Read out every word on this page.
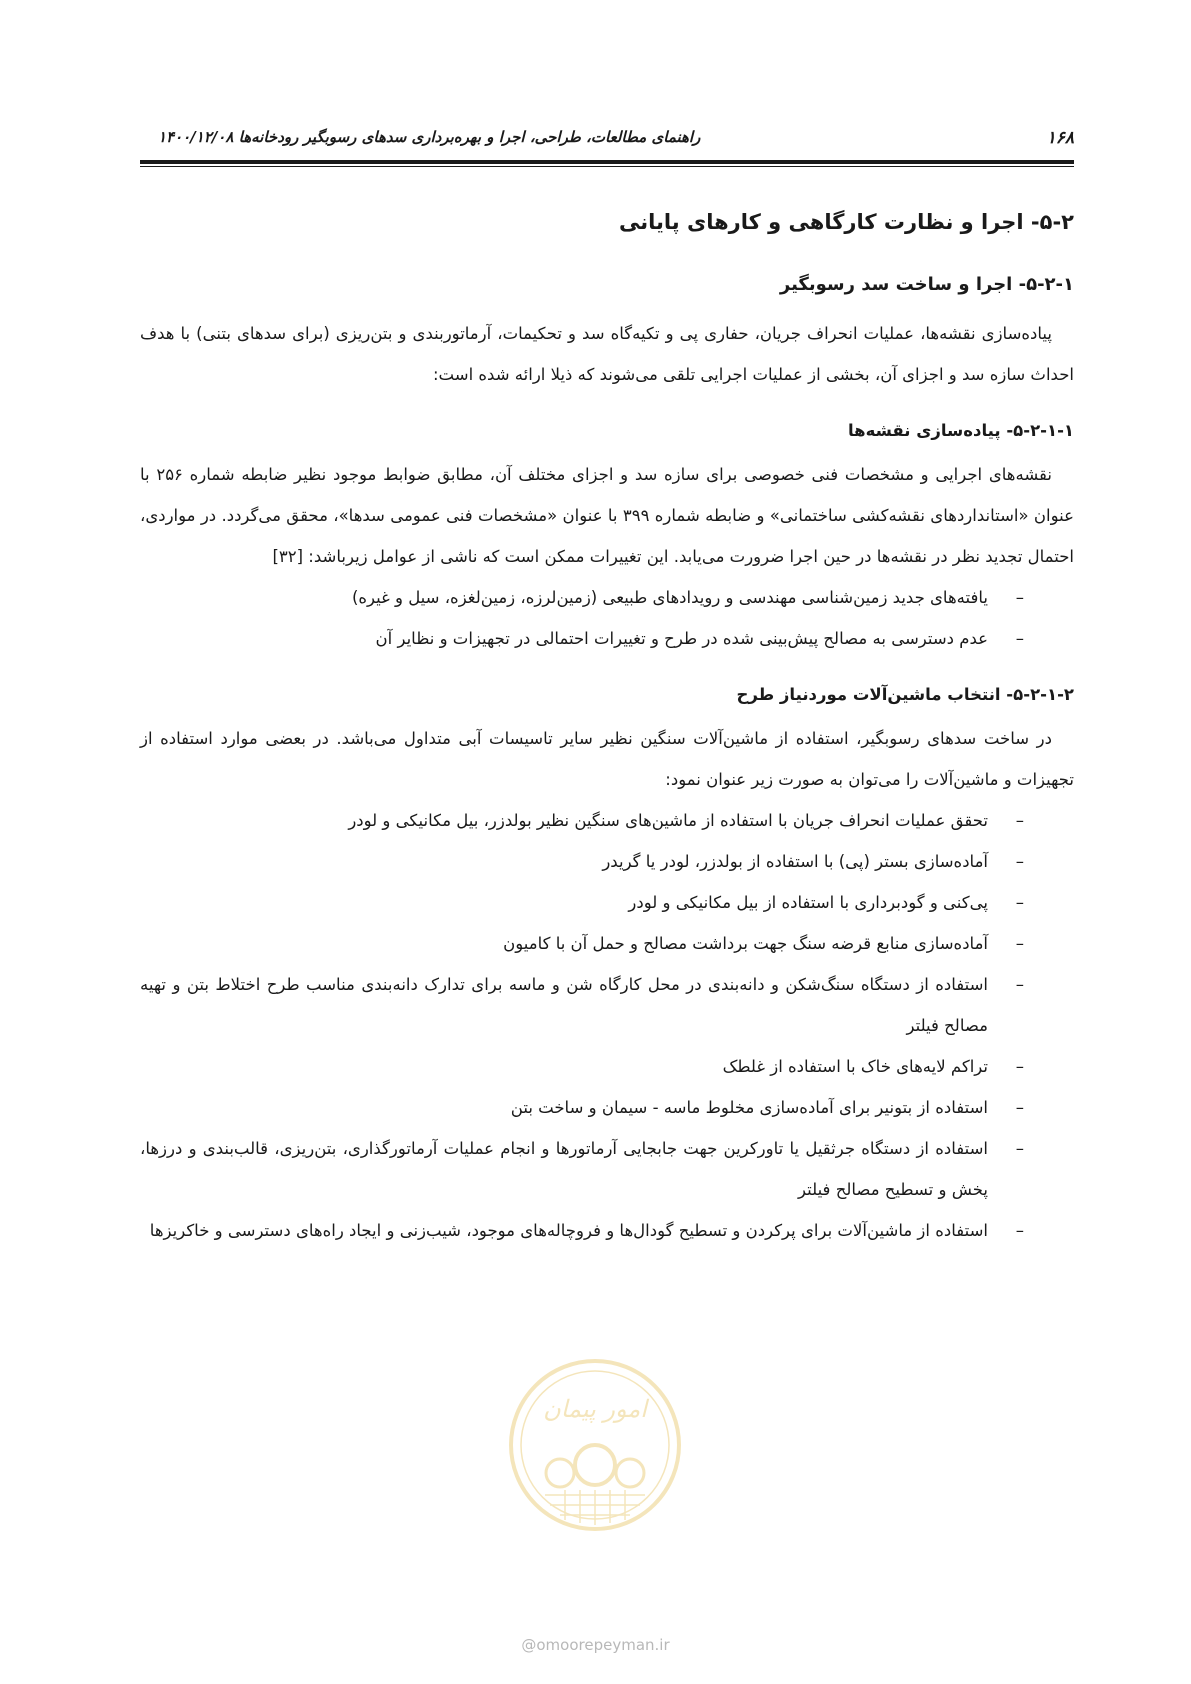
۱۶۸
راهنمای مطالعات، طراحی، اجرا و بهره‌برداری سدهای رسوبگیر رودخانه‌ها ۱۴۰۰/۱۲/۰۸
۵-۲- اجرا و نظارت کارگاهی و کارهای پایانی
۵-۲-۱- اجرا و ساخت سد رسوبگیر

پیاده‌سازی نقشه‌ها، عملیات انحراف جریان، حفاری پی و تکیه‌گاه سد و تحکیمات، آرماتوربندی و بتن‌ریزی (برای سدهای بتنی) با هدف احداث سازه سد و اجزای آن، بخشی از عملیات اجرایی تلقی می‌شوند که ذیلا ارائه شده است:

۵-۲-۱-۱- پیاده‌سازی نقشه‌ها

نقشه‌های اجرایی و مشخصات فنی خصوصی برای سازه سد و اجزای مختلف آن، مطابق ضوابط موجود نظیر ضابطه شماره ۲۵۶ با عنوان «استانداردهای نقشه‌کشی ساختمانی» و ضابطه شماره ۳۹۹ با عنوان «مشخصات فنی عمومی سدها»، محقق می‌گردد. در مواردی، احتمال تجدید نظر در نقشه‌ها در حین اجرا ضرورت می‌یابد. این تغییرات ممکن است که ناشی از عوامل زیرباشد: [۳۲]

–
یافته‌های جدید زمین‌شناسی مهندسی و رویدادهای طبیعی (زمین‌لرزه، زمین‌لغزه، سیل و غیره)
–
عدم دسترسی به مصالح پیش‌بینی شده در طرح و تغییرات احتمالی در تجهیزات و نظایر آن
۵-۲-۱-۲- انتخاب ماشین‌آلات موردنیاز طرح

در ساخت سدهای رسوبگیر، استفاده از ماشین‌آلات سنگین نظیر سایر تاسیسات آبی متداول می‌باشد. در بعضی موارد استفاده از تجهیزات و ماشین‌آلات را می‌توان به صورت زیر عنوان نمود:

–
تحقق عملیات انحراف جریان با استفاده از ماشین‌های سنگین نظیر بولدزر، بیل مکانیکی و لودر
–
آماده‌سازی بستر (پی) با استفاده از بولدزر، لودر یا گریدر
–
پی‌کنی و گودبرداری با استفاده از بیل مکانیکی و لودر
–
آماده‌سازی منابع قرضه سنگ جهت برداشت مصالح و حمل آن با کامیون
–
استفاده از دستگاه سنگ‌شکن و دانه‌بندی در محل کارگاه شن و ماسه برای تدارک دانه‌بندی مناسب طرح اختلاط بتن و تهیه مصالح فیلتر
–
تراکم لایه‌های خاک با استفاده از غلطک
–
استفاده از بتونیر برای آماده‌سازی مخلوط ماسه - سیمان و ساخت بتن
–
استفاده از دستگاه جرثقیل یا تاورکرین جهت جابجایی آرماتورها و انجام عملیات آرماتورگذاری، بتن‌ریزی، قالب‌بندی و درزها، پخش و تسطیح مصالح فیلتر
–
استفاده از ماشین‌آلات برای پرکردن و تسطیح گودال‌ها و فروچاله‌های موجود، شیب‌زنی و ایجاد راه‌های دسترسی و خاکریزها
امور پیمان
@omoorepeyman.ir
